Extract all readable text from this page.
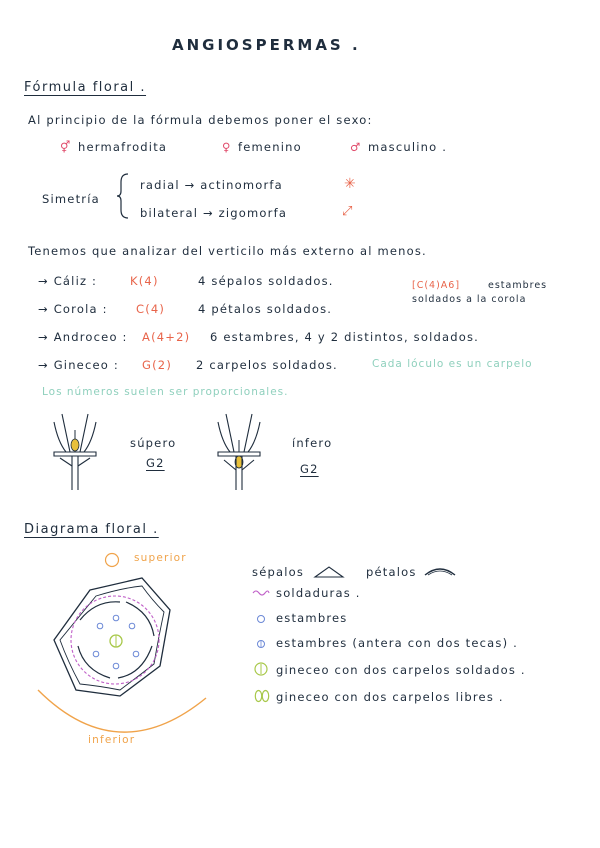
ANGIOSPERMAS .
Fórmula floral .
Al principio de la fórmula debemos poner el sexo:
⚥ hermafrodita	♀ femenino	♂ masculino .
Simetría
radial → actinomorfa	✳
bilateral → zigomorfa	⤢
Tenemos que analizar del verticilo más externo al menos.
→ Cáliz :	K(4)	4 sépalos soldados.
→ Corola : C(4)	4 pétalos soldados.
→ Androceo : A(4+2) 6 estambres, 4 y 2 distintos, soldados.
→ Gineceo : G(2) 2 carpelos soldados.	Cada lóculo es un carpelo
[C(4)A6]	estambres
soldados a la corola
Los números suelen ser proporcionales.
súpero
G2
ínfero
G2
Diagrama floral .
superior
inferior
sépalos	pétalos
soldaduras .
estambres
estambres (antera con dos tecas) .
gineceo con dos carpelos soldados .
gineceo con dos carpelos libres .
